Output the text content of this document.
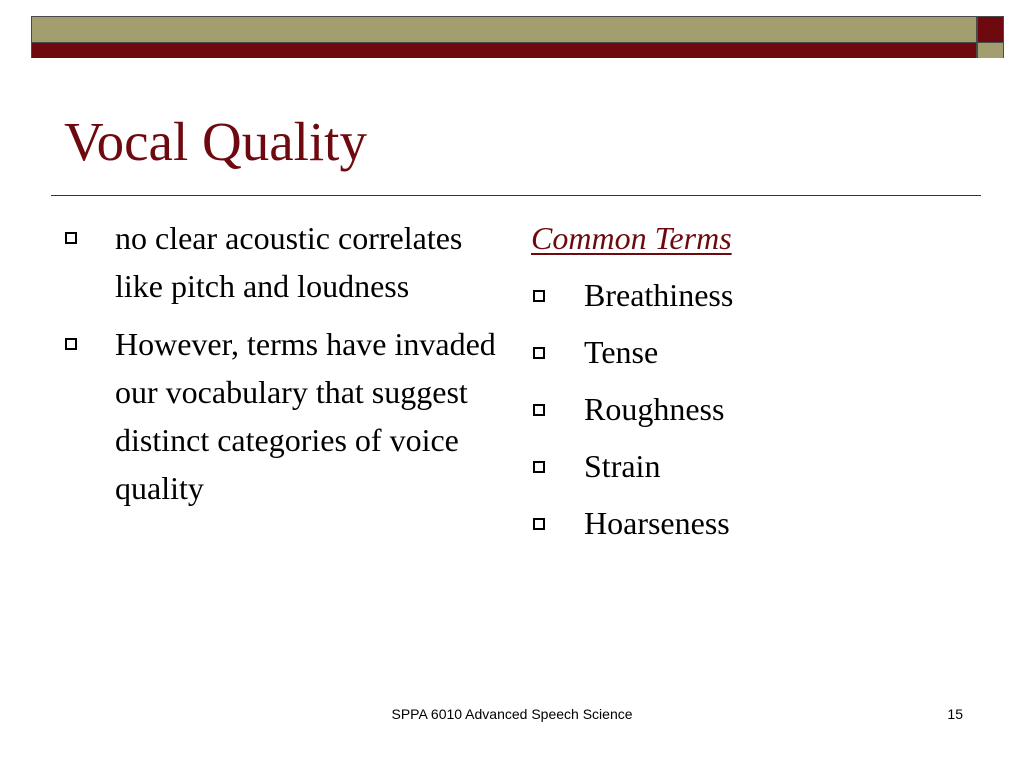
Vocal Quality
no clear acoustic correlates like pitch and loudness
However, terms have invaded our vocabulary that suggest distinct categories of voice quality

Common Terms

Breathiness
Tense
Roughness
Strain
Hoarseness
SPPA 6010 Advanced Speech Science	15
